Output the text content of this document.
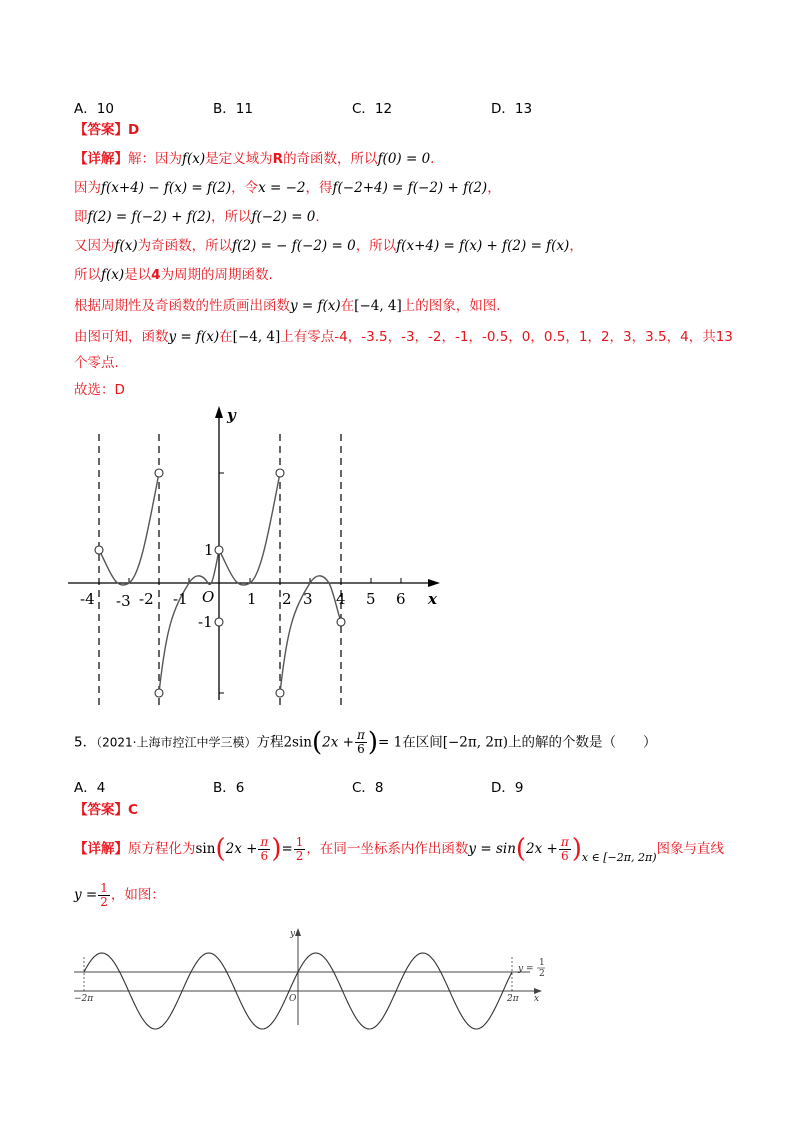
A．10	B．11	C．12	D．13
【答案】D
【详解】解：因为f(x)是定义域为R的奇函数，所以f(0) = 0.
因为f(x+4) − f(x) = f(2)，令x = −2，得f(−2+4) = f(−2) + f(2)，
即f(2) = f(−2) + f(2)，所以f(−2) = 0.
又因为f(x)为奇函数，所以f(2) = − f(−2) = 0，所以f(x+4) = f(x) + f(2) = f(x)，
所以f(x)是以4为周期的周期函数.
根据周期性及奇函数的性质画出函数y = f(x)在[−4, 4]上的图象，如图.
由图可知，函数y = f(x)在[−4, 4]上有零点-4，-3.5，-3，-2，-1，-0.5，0，0.5，1，2，3，3.5，4，共13
个零点.
故选：D
y
x
O
-4 -3 -2 -1	1 2 3 4 5 6
1
-1
5．（2021·上海市控江中学三模）方程$2\sin(2x + \frac{\pi}{6}$ )= 1在区间[−2π, 2π)上的解的个数是（　　）
A．4	B．6	C．8	D．9
【答案】C
【详解】原方程化为$\sin(2x + \frac{\pi}{6}$ )= $\frac{1}{2}$ ，在同一坐标系内作出函数$y = \sin(2x + \frac{\pi}{6} )_{x \in [-2\pi, 2\pi)}$图象与直线
$y = \frac{1}{2}$ ，如图：
y
x
O
−2π	2π
y =
1
2
